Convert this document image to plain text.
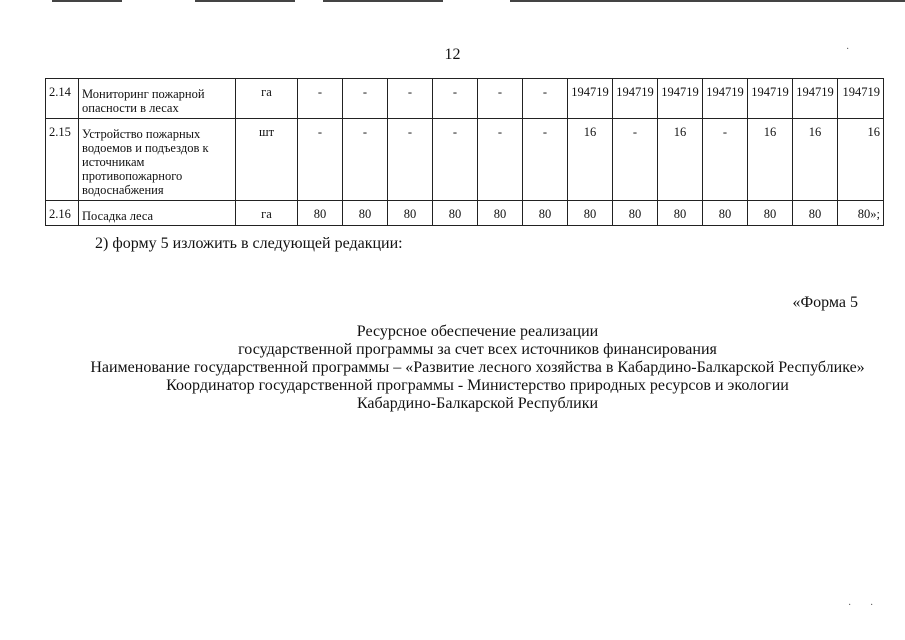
12
2.14	Мониторинг пожарной опасности в лесах	га	-	-	-	-	-	-	194719	194719	194719	194719	194719	194719	194719
2.15	Устройство пожарных водоемов и подъездов к источникам противопожарного водоснабжения	шт	-	-	-	-	-	-	16	-	16	-	16	16	16
2.16	Посадка леса	га	80	80	80	80	80	80	80	80	80	80	80	80	80»;
2) форму 5 изложить в следующей редакции:
«Форма 5
Ресурсное обеспечение реализации
государственной программы за счет всех источников финансирования
Наименование государственной программы – «Развитие лесного хозяйства в Кабардино-Балкарской Республике»
Координатор государственной программы - Министерство природных ресурсов и экологии
Кабардино-Балкарской Республики
·
· ·
